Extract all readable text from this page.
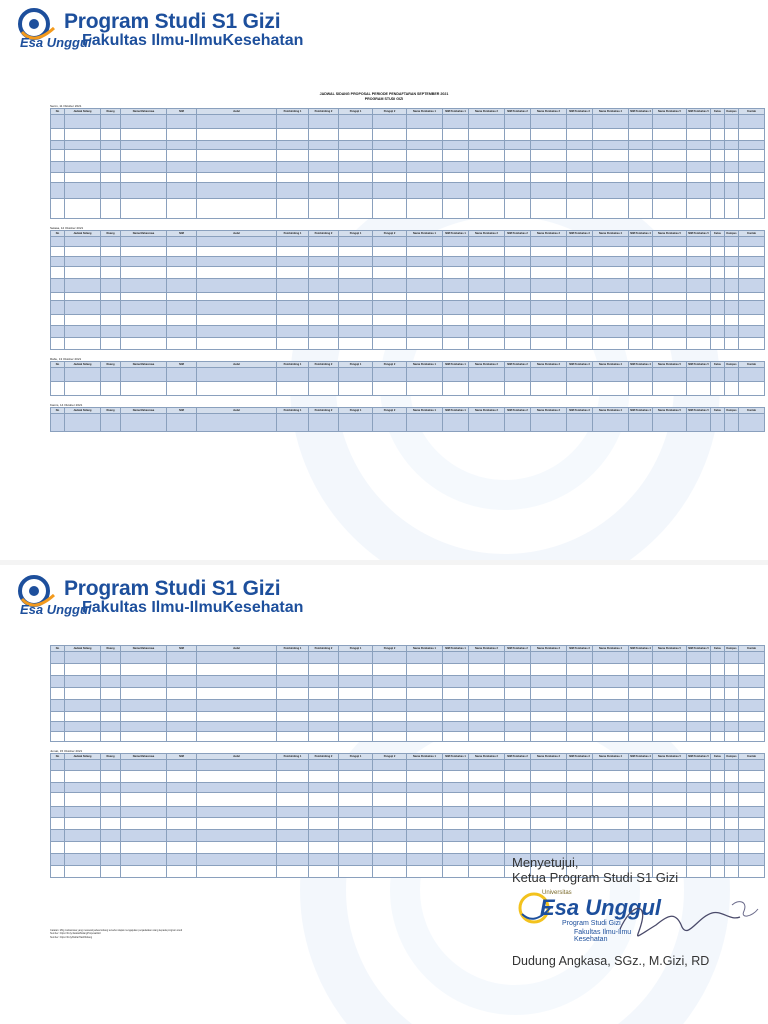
Program Studi S1 Gizi
Esa Unggul
Fakultas Ilmu-IlmuKesehatan
JADWAL SIDANG PROPOSAL PERIODE PENDAFTARAN SEPTEMBER 2021
PROGRAM STUDI GIZI
Senin, 11 Oktober 2021
No	Jadwal Sidang	Ruang	Nama Mahasiswa	NIM	Judul	Pembimbing 1	Pembimbing 2	Penguji 1	Penguji 2	Nama Pembahas 1	NIM Pembahas 1	Nama Pembahas 2	NIM Pembahas 2	Nama Pembahas 3	NIM Pembahas 3	Nama Pembahas 4	NIM Pembahas 4	Nama Pembahas 5	NIM Pembahas 5	Kelas	Kampus	Kontak

Selasa, 12 Oktober 2021
No	Jadwal Sidang	Ruang	Nama Mahasiswa	NIM	Judul	Pembimbing 1	Pembimbing 2	Penguji 1	Penguji 2	Nama Pembahas 1	NIM Pembahas 1	Nama Pembahas 2	NIM Pembahas 2	Nama Pembahas 3	NIM Pembahas 3	Nama Pembahas 4	NIM Pembahas 4	Nama Pembahas 5	NIM Pembahas 5	Kelas	Kampus	Kontak

Rabu, 13 Oktober 2021
No	Jadwal Sidang	Ruang	Nama Mahasiswa	NIM	Judul	Pembimbing 1	Pembimbing 2	Penguji 1	Penguji 2	Nama Pembahas 1	NIM Pembahas 1	Nama Pembahas 2	NIM Pembahas 2	Nama Pembahas 3	NIM Pembahas 3	Nama Pembahas 4	NIM Pembahas 4	Nama Pembahas 5	NIM Pembahas 5	Kelas	Kampus	Kontak

Kamis, 14 Oktober 2021
No	Jadwal Sidang	Ruang	Nama Mahasiswa	NIM	Judul	Pembimbing 1	Pembimbing 2	Penguji 1	Penguji 2	Nama Pembahas 1	NIM Pembahas 1	Nama Pembahas 2	NIM Pembahas 2	Nama Pembahas 3	NIM Pembahas 3	Nama Pembahas 4	NIM Pembahas 4	Nama Pembahas 5	NIM Pembahas 5	Kelas	Kampus	Kontak

Program Studi S1 Gizi
Esa Unggul
Fakultas Ilmu-IlmuKesehatan
No	Jadwal Sidang	Ruang	Nama Mahasiswa	NIM	Judul	Pembimbing 1	Pembimbing 2	Penguji 1	Penguji 2	Nama Pembahas 1	NIM Pembahas 1	Nama Pembahas 2	NIM Pembahas 2	Nama Pembahas 3	NIM Pembahas 3	Nama Pembahas 4	NIM Pembahas 4	Nama Pembahas 5	NIM Pembahas 5	Kelas	Kampus	Kontak

Jumat, 15 Oktober 2021
No	Jadwal Sidang	Ruang	Nama Mahasiswa	NIM	Judul	Pembimbing 1	Pembimbing 2	Penguji 1	Penguji 2	Nama Pembahas 1	NIM Pembahas 1	Nama Pembahas 2	NIM Pembahas 2	Nama Pembahas 3	NIM Pembahas 3	Nama Pembahas 4	NIM Pembahas 4	Nama Pembahas 5	NIM Pembahas 5	Kelas	Kampus	Kontak

Catatan: Mbg mahasiswa yang melewati jadwal sidang tersebut dapat mengajukan penjadwalan ulang kepada program studi
Sumber: https://bit.ly/JadwalSidangProposalGizi
Sumber: https://bit.ly/DaftarHadirSidang
Menyetujui,
Ketua Program Studi S1 Gizi
Universitas
Esa Unggul
Program Studi Gizi
Fakultas Ilmu-Ilmu Kesehatan
Dudung Angkasa, SGz., M.Gizi, RD
